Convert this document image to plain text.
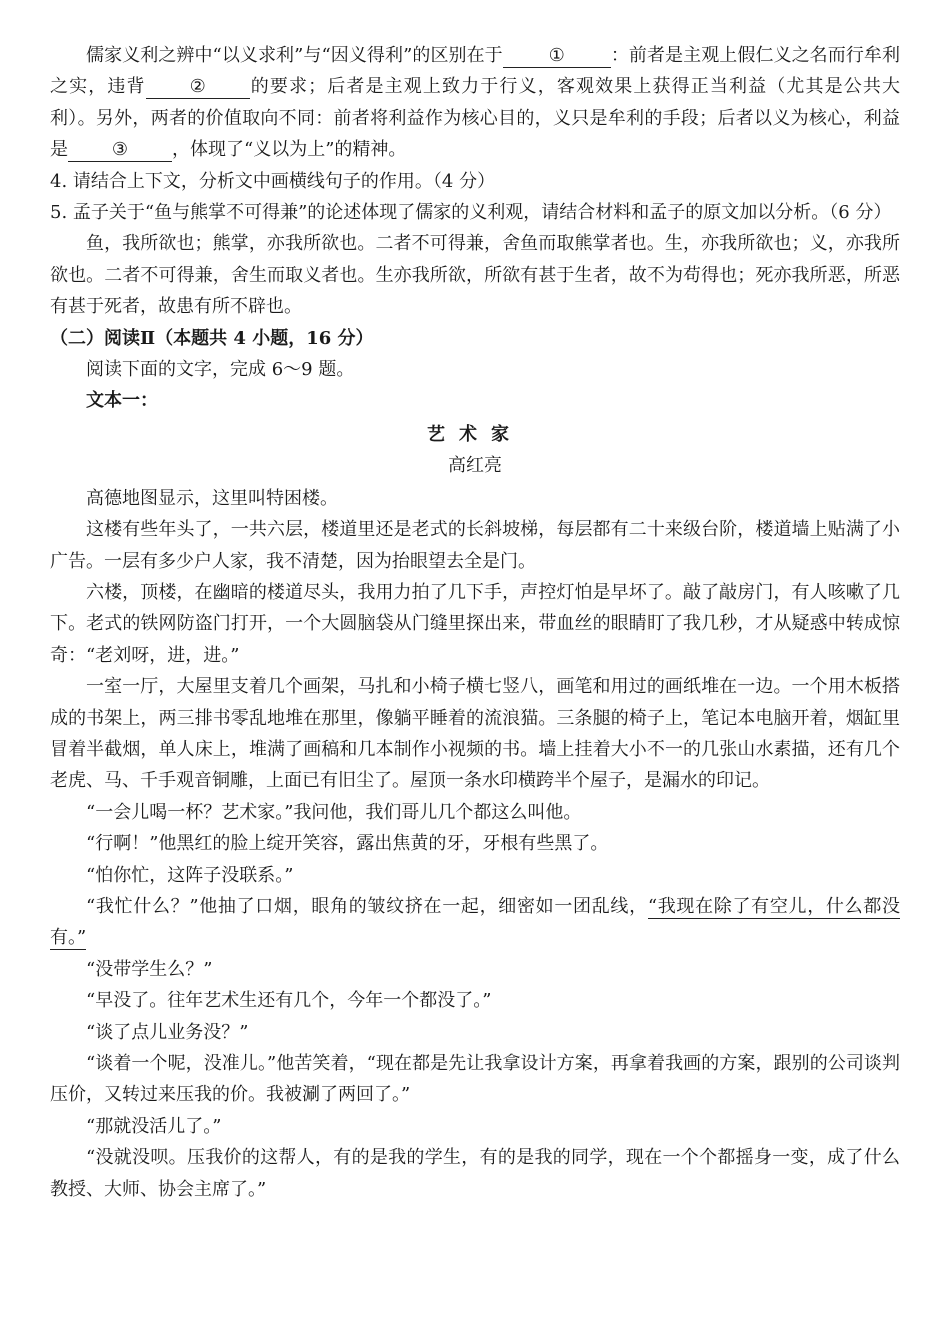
儒家义利之辨中“以义求利”与“因义得利”的区别在于	①	：前者是主观上假仁义之名而行牟利之实，违背 ② 的要求；后者是主观上致力于行义，客观效果上获得正当利益（尤其是公共大利）。另外，两者的价值取向不同：前者将利益作为核心目的，义只是牟利的手段；后者以义为核心，利益是 ③ ，体现了“义以为上”的精神。

4. 请结合上下文，分析文中画横线句子的作用。（4 分）

5. 孟子关于“鱼与熊掌不可得兼”的论述体现了儒家的义利观，请结合材料和孟子的原文加以分析。（6 分）

鱼，我所欲也；熊掌，亦我所欲也。二者不可得兼，舍鱼而取熊掌者也。生，亦我所欲也；义，亦我所欲也。二者不可得兼，舍生而取义者也。生亦我所欲，所欲有甚于生者，故不为苟得也；死亦我所恶，所恶有甚于死者，故患有所不辟也。

（二）阅读Ⅱ（本题共 4 小题，16 分）

阅读下面的文字，完成 6～9 题。

文本一：

艺术家

高红亮

高德地图显示，这里叫特困楼。

这楼有些年头了，一共六层，楼道里还是老式的长斜坡梯，每层都有二十来级台阶，楼道墙上贴满了小广告。一层有多少户人家，我不清楚，因为抬眼望去全是门。

六楼，顶楼，在幽暗的楼道尽头，我用力拍了几下手，声控灯怕是早坏了。敲了敲房门，有人咳嗽了几下。老式的铁网防盗门打开，一个大圆脑袋从门缝里探出来，带血丝的眼睛盯了我几秒，才从疑惑中转成惊奇：“老刘呀，进，进。”

一室一厅，大屋里支着几个画架，马扎和小椅子横七竖八，画笔和用过的画纸堆在一边。一个用木板搭成的书架上，两三排书零乱地堆在那里，像躺平睡着的流浪猫。三条腿的椅子上，笔记本电脑开着，烟缸里冒着半截烟，单人床上，堆满了画稿和几本制作小视频的书。墙上挂着大小不一的几张山水素描，还有几个老虎、马、千手观音铜雕，上面已有旧尘了。屋顶一条水印横跨半个屋子，是漏水的印记。

“一会儿喝一杯？艺术家。”我问他，我们哥儿几个都这么叫他。

“行啊！”他黑红的脸上绽开笑容，露出焦黄的牙，牙根有些黑了。

“怕你忙，这阵子没联系。”

“我忙什么？”他抽了口烟，眼角的皱纹挤在一起，细密如一团乱线，“我现在除了有空儿，什么都没有。”

“没带学生么？”

“早没了。往年艺术生还有几个，今年一个都没了。”

“谈了点儿业务没？”

“谈着一个呢，没准儿。”他苦笑着，“现在都是先让我拿设计方案，再拿着我画的方案，跟别的公司谈判压价，又转过来压我的价。我被涮了两回了。”

“那就没活儿了。”

“没就没呗。压我价的这帮人，有的是我的学生，有的是我的同学，现在一个个都摇身一变，成了什么教授、大师、协会主席了。”
